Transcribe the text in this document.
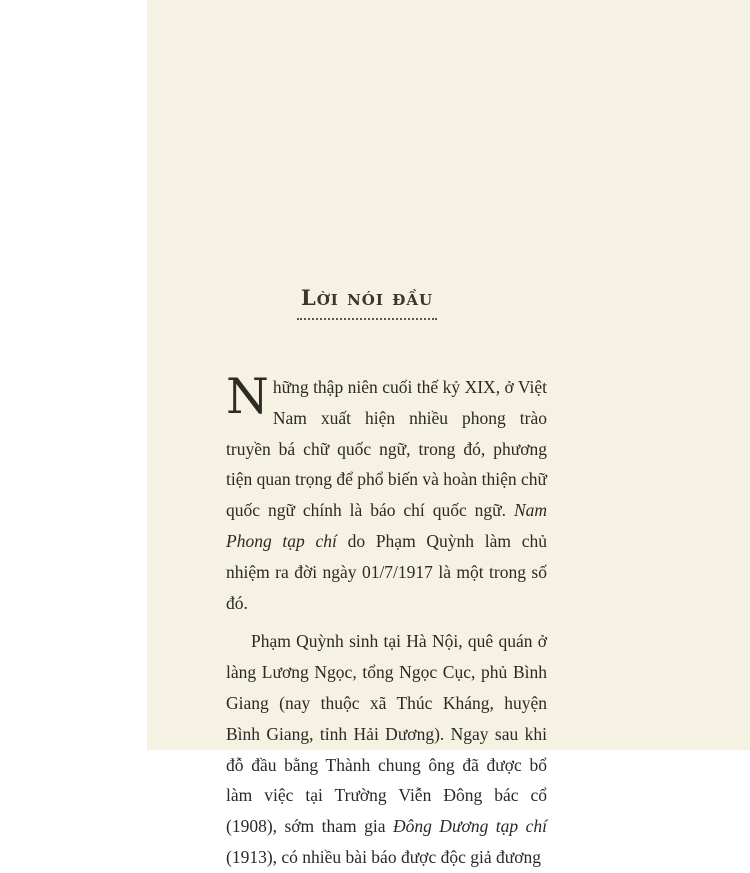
Lời nói đầu

Những thập niên cuối thế kỷ XIX, ở Việt Nam xuất hiện nhiều phong trào truyền bá chữ quốc ngữ, trong đó, phương tiện quan trọng để phổ biến và hoàn thiện chữ quốc ngữ chính là báo chí quốc ngữ. Nam Phong tạp chí do Phạm Quỳnh làm chủ nhiệm ra đời ngày 01/7/1917 là một trong số đó.

Phạm Quỳnh sinh tại Hà Nội, quê quán ở làng Lương Ngọc, tổng Ngọc Cục, phủ Bình Giang (nay thuộc xã Thúc Kháng, huyện Bình Giang, tỉnh Hải Dương). Ngay sau khi đỗ đầu bằng Thành chung ông đã được bổ làm việc tại Trường Viễn Đông bác cổ (1908), sớm tham gia Đông Dương tạp chí (1913), có nhiều bài báo được độc giả đương
